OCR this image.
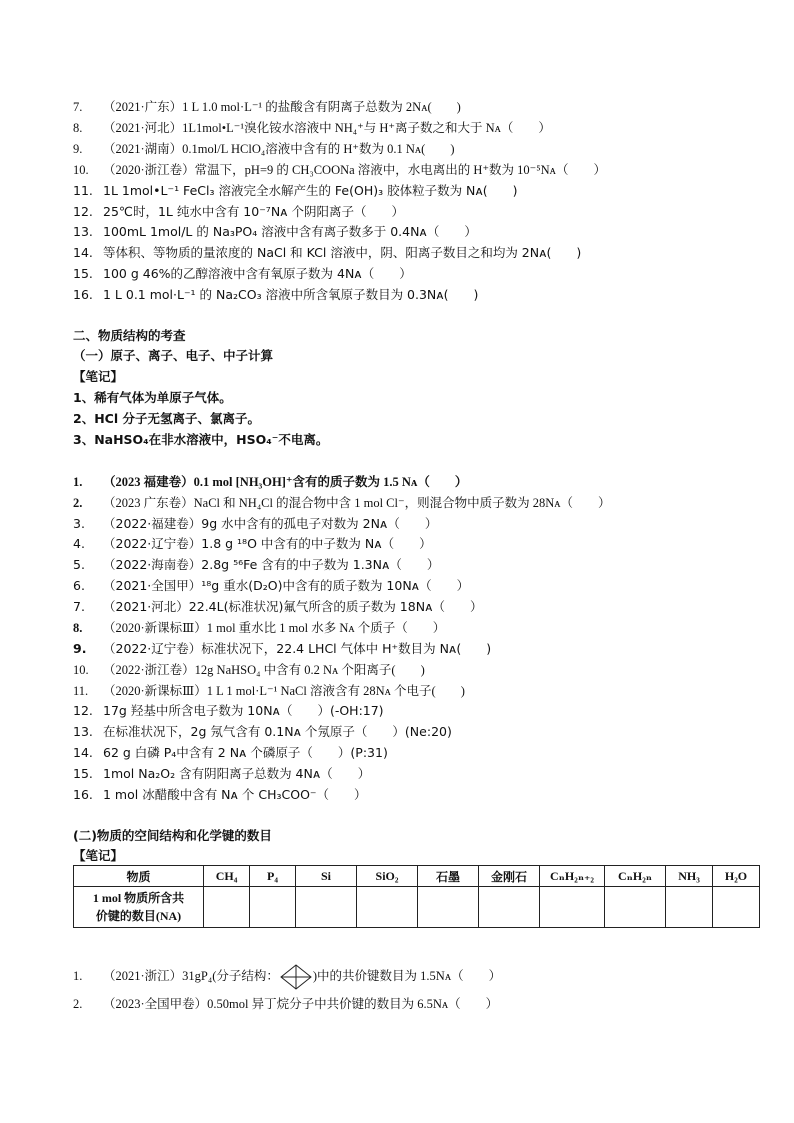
7. （2021·广东）1 L 1.0 mol·L⁻¹ 的盐酸含有阴离子总数为 2Nᴀ(　　)
8. （2021·河北）1L1mol•L⁻¹溴化铵水溶液中 NH₄⁺与 H⁺离子数之和大于 Nᴀ（　　）
9. （2021·湖南）0.1mol/L HClO₄溶液中含有的 H⁺数为 0.1 Nᴀ(　　)
10. （2020·浙江卷）常温下，pH=9 的 CH₃COONa 溶液中，水电离出的 H⁺数为 10⁻⁵Nᴀ（　　）
11. 1L 1mol•L⁻¹ FeCl₃ 溶液完全水解产生的 Fe(OH)₃ 胶体粒子数为 Nᴀ(　　)
12. 25℃时，1L 纯水中含有 10⁻⁷Nᴀ 个阴阳离子（　　）
13. 100mL 1mol/L 的 Na₃PO₄ 溶液中含有离子数多于 0.4Nᴀ（　　）
14. 等体积、等物质的量浓度的 NaCl 和 KCl 溶液中，阴、阳离子数目之和均为 2Nᴀ(　　)
15. 100 g 46%的乙醇溶液中含有氧原子数为 4Nᴀ（　　）
16. 1 L 0.1 mol·L⁻¹ 的 Na₂CO₃ 溶液中所含氧原子数目为 0.3Nᴀ(　　)
二、物质结构的考查
（一）原子、离子、电子、中子计算
【笔记】
1、稀有气体为单原子气体。
2、HCl 分子无氢离子、氯离子。
3、NaHSO₄在非水溶液中，HSO₄⁻不电离。
1. （2023 福建卷）0.1 mol [NH₃OH]⁺含有的质子数为 1.5 Nᴀ（　　）
2. （2023 广东卷）NaCl 和 NH₄Cl 的混合物中含 1 mol Cl⁻，则混合物中质子数为 28Nᴀ（　　）
3. （2022·福建卷）9g 水中含有的孤电子对数为 2Nᴀ（　　）
4. （2022·辽宁卷）1.8 g ¹⁸O 中含有的中子数为 Nᴀ（　　）
5. （2022·海南卷）2.8g ⁵⁶Fe 含有的中子数为 1.3Nᴀ（　　）
6. （2021·全国甲）¹⁸g 重水(D₂O)中含有的质子数为 10Nᴀ（　　）
7. （2021·河北）22.4L(标准状况)氟气所含的质子数为 18Nᴀ（　　）
8. （2020·新课标Ⅲ）1 mol 重水比 1 mol 水多 Nᴀ 个质子（　　）
9. （2022·辽宁卷）标准状况下，22.4 LHCl 气体中 H⁺数目为 Nᴀ(　　)
10. （2022·浙江卷）12g NaHSO₄ 中含有 0.2 Nᴀ 个阳离子(　　)
11. （2020·新课标Ⅲ）1 L 1 mol·L⁻¹ NaCl 溶液含有 28Nᴀ 个电子(　　)
12. 17g 羟基中所含电子数为 10Nᴀ（　　）(-OH:17)
13. 在标准状况下，2g 氖气含有 0.1Nᴀ 个氖原子（　　）(Ne:20)
14. 62 g 白磷 P₄中含有 2 Nᴀ 个磷原子（　　）(P:31)
15. 1mol Na₂O₂ 含有阴阳离子总数为 4Nᴀ（　　）
16. 1 mol 冰醋酸中含有 Nᴀ 个 CH₃COO⁻（　　）
(二)物质的空间结构和化学键的数目
【笔记】
物质	CH₄	P₄	Si	SiO₂	石墨	金刚石	CₙH₂ₙ₊₂	CₙH₂ₙ	NH₃	H₂O
1 mol 物质所含共
价键的数目(NA)										
1. （2021·浙江）31gP₄(分子结构：	)中的共价键数目为 1.5Nᴀ（　　）
2. （2023·全国甲卷）0.50mol 异丁烷分子中共价键的数目为 6.5Nᴀ（　　）
